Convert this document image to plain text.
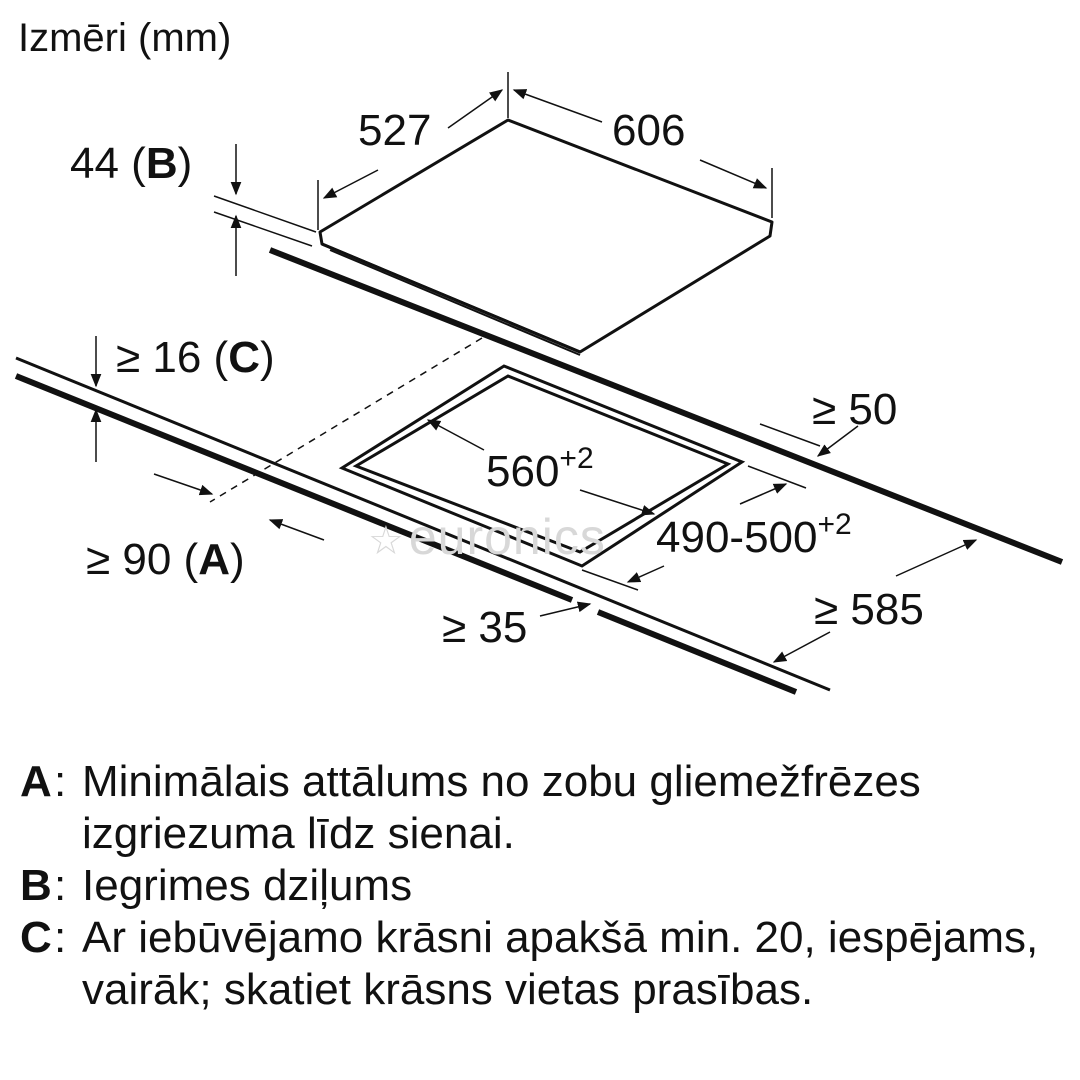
Izmēri (mm)
527	606
44 (B)
≥ 16 (C)
$560^{+2}$
$490-500^{+2}$
≥ 50
≥ 90 (A)
≥ 35	≥ 585
☆euronics
A : Minimālais attālums no zobu gliemežfrēzes izgriezuma līdz sienai.
B : Iegrimes dziļums
C : Ar iebūvējamo krāsni apakšā min. 20, iespējams, vairāk; skatiet krāsns vietas prasības.
